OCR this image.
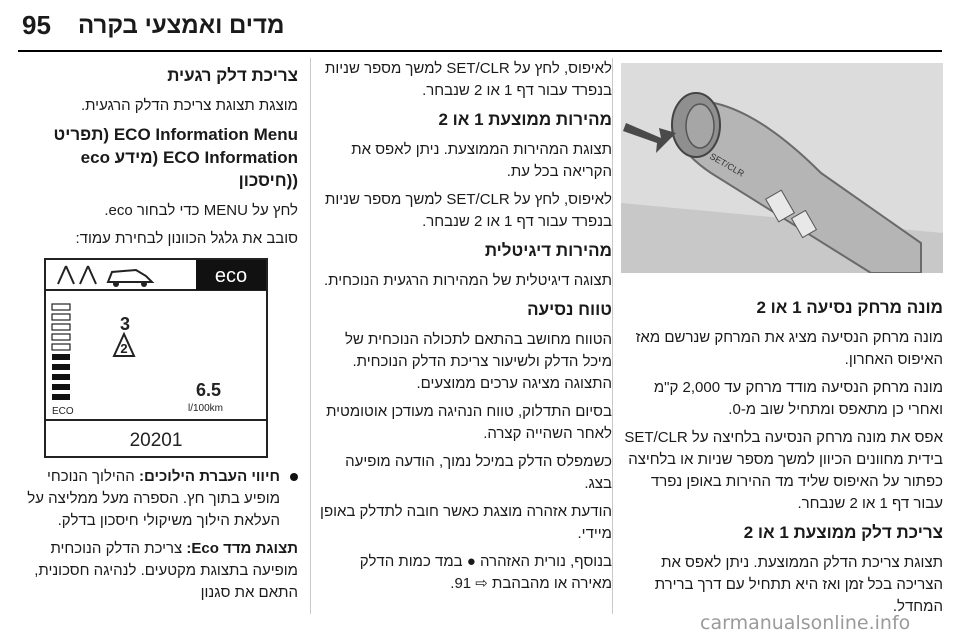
95 מדים ואמצעי בקרה
SET/CLR
מונה מרחק נסיעה 1 או 2

מונה מרחק הנסיעה מציג את המרחק שנרשם מאז האיפוס האחרון.

מונה מרחק הנסיעה מודד מרחק עד 2,000 ק"מ ואחרי כן מתאפס ומתחיל שוב מ-0.

אפס את מונה מרחק הנסיעה בלחיצה על SET/CLR בידית מחוונים הכיוון למשך מספר שניות או בלחיצה כפתור על האיפוס שליד מד ההירות באופן נפרד עבור דף 1 או 2 שנבחר.

צריכת דלק ממוצעת 1 או 2

תצוגת צריכת הדלק הממוצעת. ניתן לאפס את הצריכה בכל זמן ואז היא תתחיל עם דרך ברירת המחדל.

לאיפוס, לחץ על SET/CLR למשך מספר שניות בנפרד עבור דף 1 או 2 שנבחר.

מהירות ממוצעת 1 או 2

תצוגת המהירות הממוצעת. ניתן לאפס את הקריאה בכל עת.

לאיפוס, לחץ על SET/CLR למשך מספר שניות בנפרד עבור דף 1 או 2 שנבחר.

מהירות דיגיטלית

תצוגה דיגיטלית של המהירות הרגעית הנוכחית.

טווח נסיעה

הטווח מחושב בהתאם לתכולה הנוכחית של מיכל הדלק ולשיעור צריכת הדלק הנוכחית. התצוגה מציגה ערכים ממוצעים.

בסיום התדלוק, טווח הנהיגה מעודכן אוטומטית לאחר השהייה קצרה.

כשמפלס הדלק במיכל נמוך, הודעה מופיעה בצג.

הודעת אזהרה מוצגת כאשר חובה לתדלק באופן מיידי.

בנוסף, נורית האזהרה ● במד כמות הדלק מאירה או מהבהבת ⇨ 91.

צריכת דלק רגעית

מוצגת תצוגת צריכת הדלק הרגעית.

ECO Information Menu (תפריט ECO Information (מידע eco ((חיסכון

לחץ על MENU כדי לבחור eco.

סובב את גלגל הכוונון לבחירת עמוד:

eco
ECO
3
2
6.5
l/100km
20201
חיווי העברת הילוכים: ההילוך הנוכחי מופיע בתוך חץ. הספרה מעל ממליצה על העלאת הילוך משיקולי חיסכון בדלק.

תצוגת מדד Eco: צריכת הדלק הנוכחית מופיעה בתצוגת מקטעים. לנהיגה חסכונית, התאם את סגנון

carmanualsonline.info
